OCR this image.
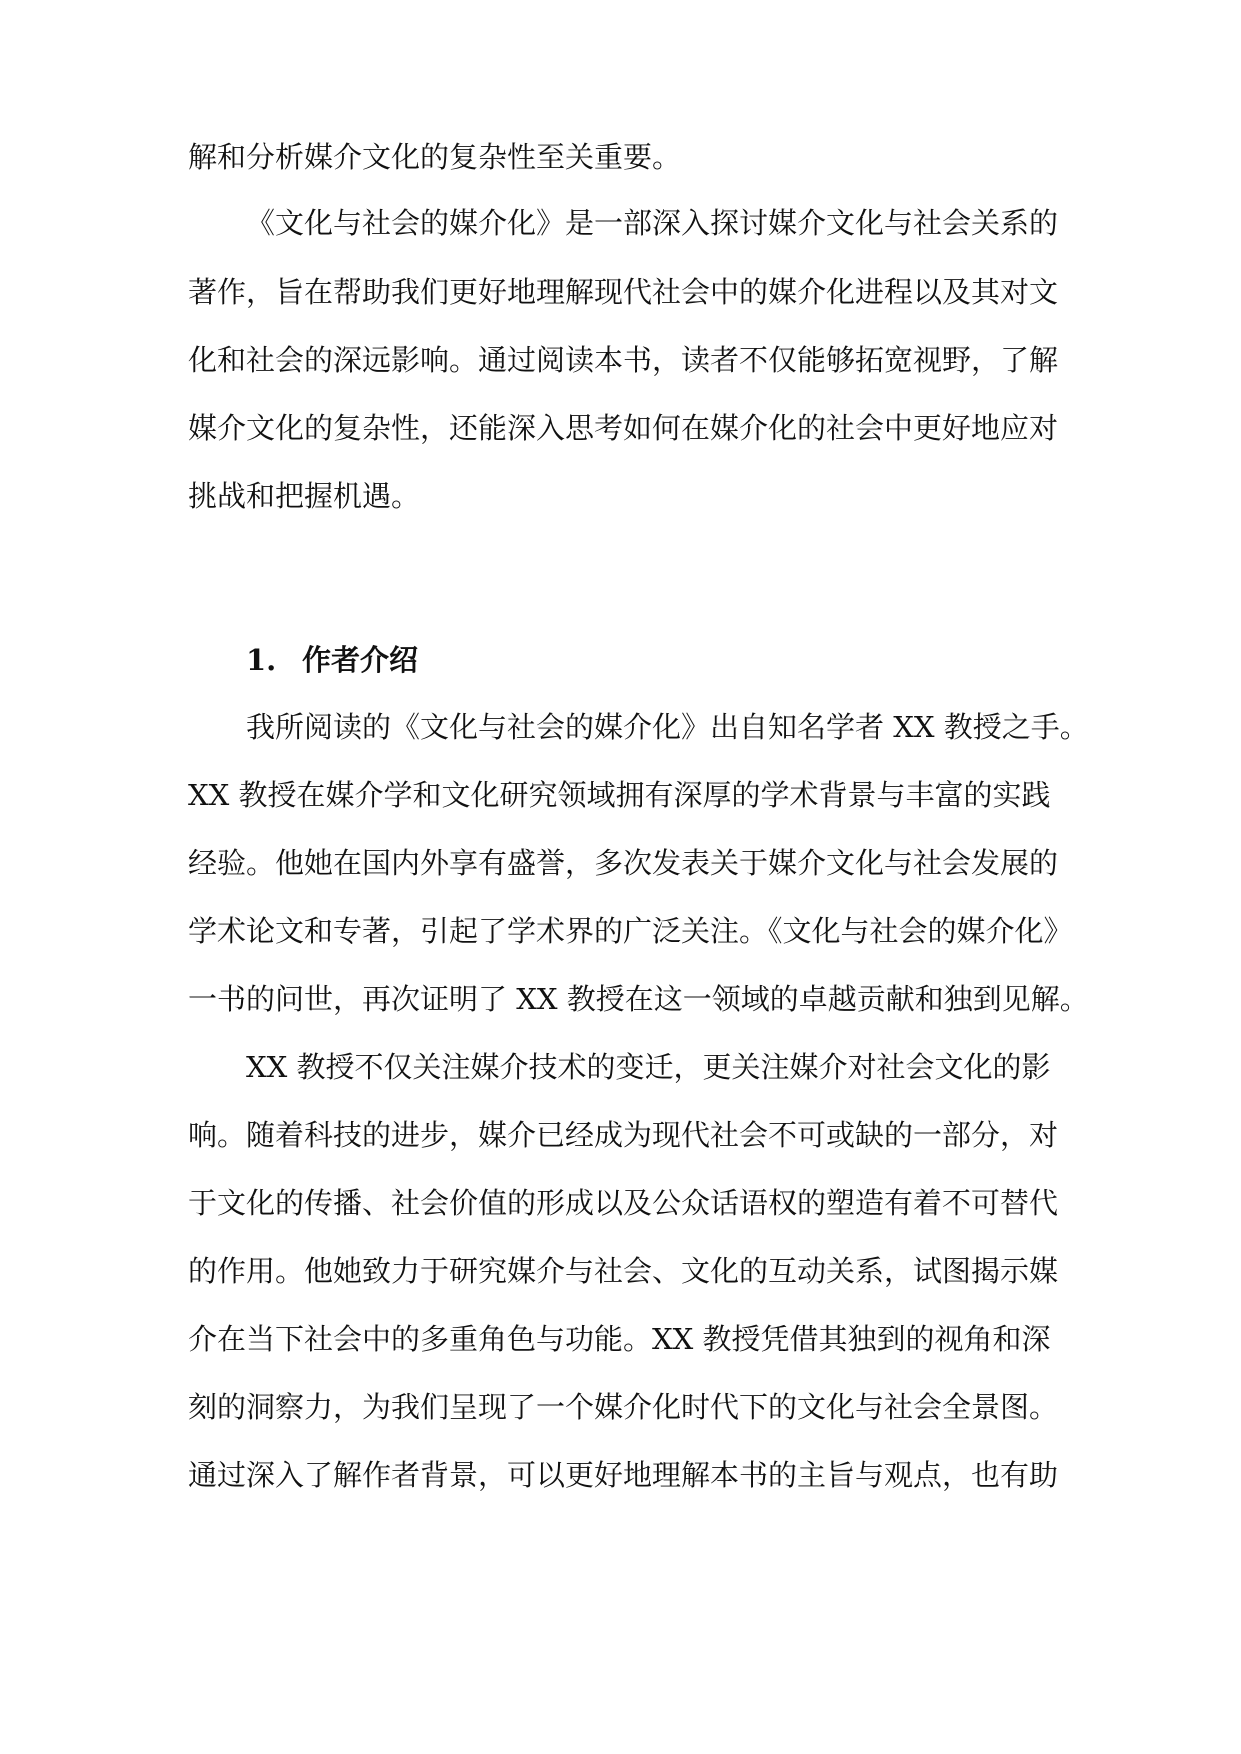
解和分析媒介文化的复杂性至关重要。
《文化与社会的媒介化》是一部深入探讨媒介文化与社会关系的
著作，旨在帮助我们更好地理解现代社会中的媒介化进程以及其对文
化和社会的深远影响。通过阅读本书，读者不仅能够拓宽视野，了解
媒介文化的复杂性，还能深入思考如何在媒介化的社会中更好地应对
挑战和把握机遇。
1. 作者介绍
我所阅读的《文化与社会的媒介化》出自知名学者 XX 教授之手。
XX 教授在媒介学和文化研究领域拥有深厚的学术背景与丰富的实践
经验。他她在国内外享有盛誉，多次发表关于媒介文化与社会发展的
学术论文和专著，引起了学术界的广泛关注。《文化与社会的媒介化》
一书的问世，再次证明了 XX 教授在这一领域的卓越贡献和独到见解。
XX 教授不仅关注媒介技术的变迁，更关注媒介对社会文化的影
响。随着科技的进步，媒介已经成为现代社会不可或缺的一部分，对
于文化的传播、社会价值的形成以及公众话语权的塑造有着不可替代
的作用。他她致力于研究媒介与社会、文化的互动关系，试图揭示媒
介在当下社会中的多重角色与功能。XX 教授凭借其独到的视角和深
刻的洞察力，为我们呈现了一个媒介化时代下的文化与社会全景图。
通过深入了解作者背景，可以更好地理解本书的主旨与观点，也有助
